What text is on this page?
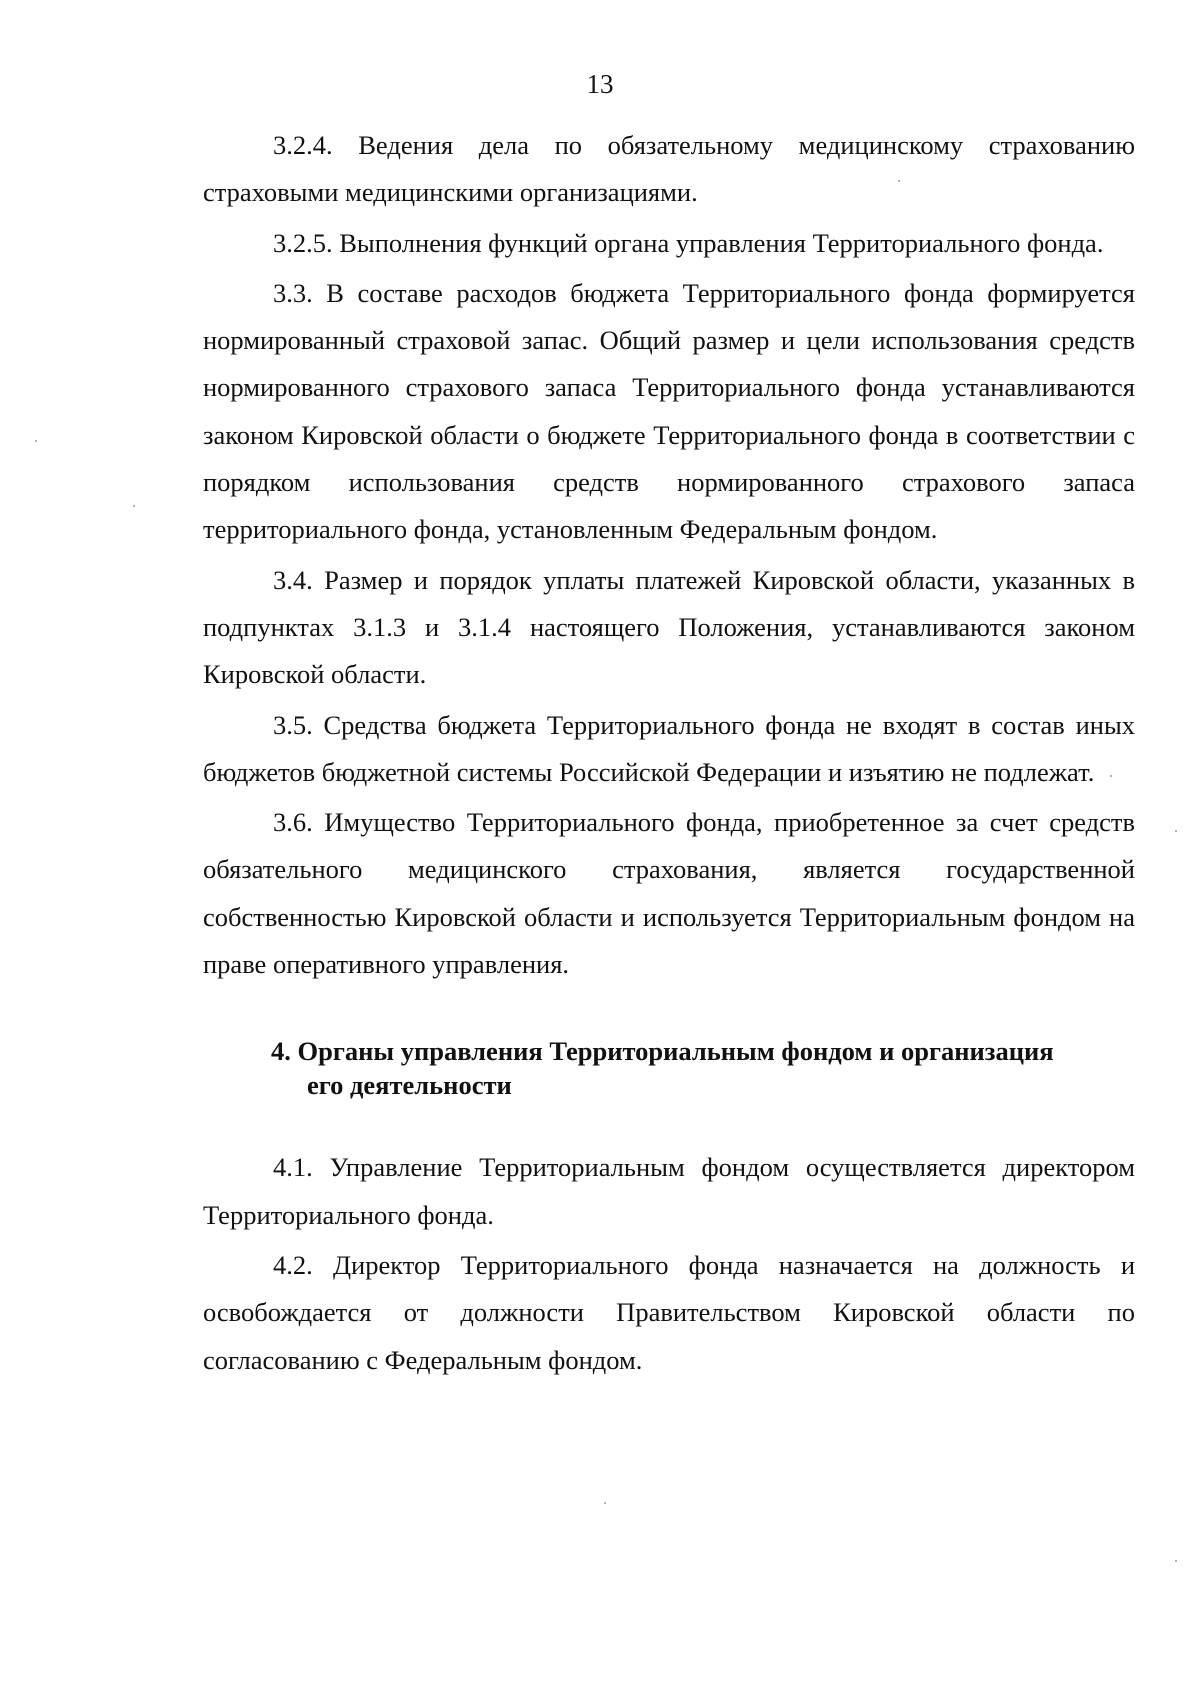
13

3.2.4. Ведения дела по обязательному медицинскому страхованию страховыми медицинскими организациями.

3.2.5. Выполнения функций органа управления Территориального фонда.

3.3. В составе расходов бюджета Территориального фонда формируется нормированный страховой запас. Общий размер и цели использования средств нормированного страхового запаса Территориального фонда устанавливаются законом Кировской области о бюджете Территориального фонда в соответствии с порядком использования средств нормированного страхового запаса территориального фонда, установленным Федеральным фондом.

3.4. Размер и порядок уплаты платежей Кировской области, указанных в подпунктах 3.1.3 и 3.1.4 настоящего Положения, устанавливаются законом Кировской области.

3.5. Средства бюджета Территориального фонда не входят в состав иных бюджетов бюджетной системы Российской Федерации и изъятию не подлежат.

3.6. Имущество Территориального фонда, приобретенное за счет средств обязательного медицинского страхования, является государственной собственностью Кировской области и используется Территориальным фондом на праве оперативного управления.

4. Органы управления Территориальным фондом и организация
его деятельности

4.1. Управление Территориальным фондом осуществляется директором Территориального фонда.

4.2. Директор Территориального фонда назначается на должность и освобождается от должности Правительством Кировской области по согласованию с Федеральным фондом.
